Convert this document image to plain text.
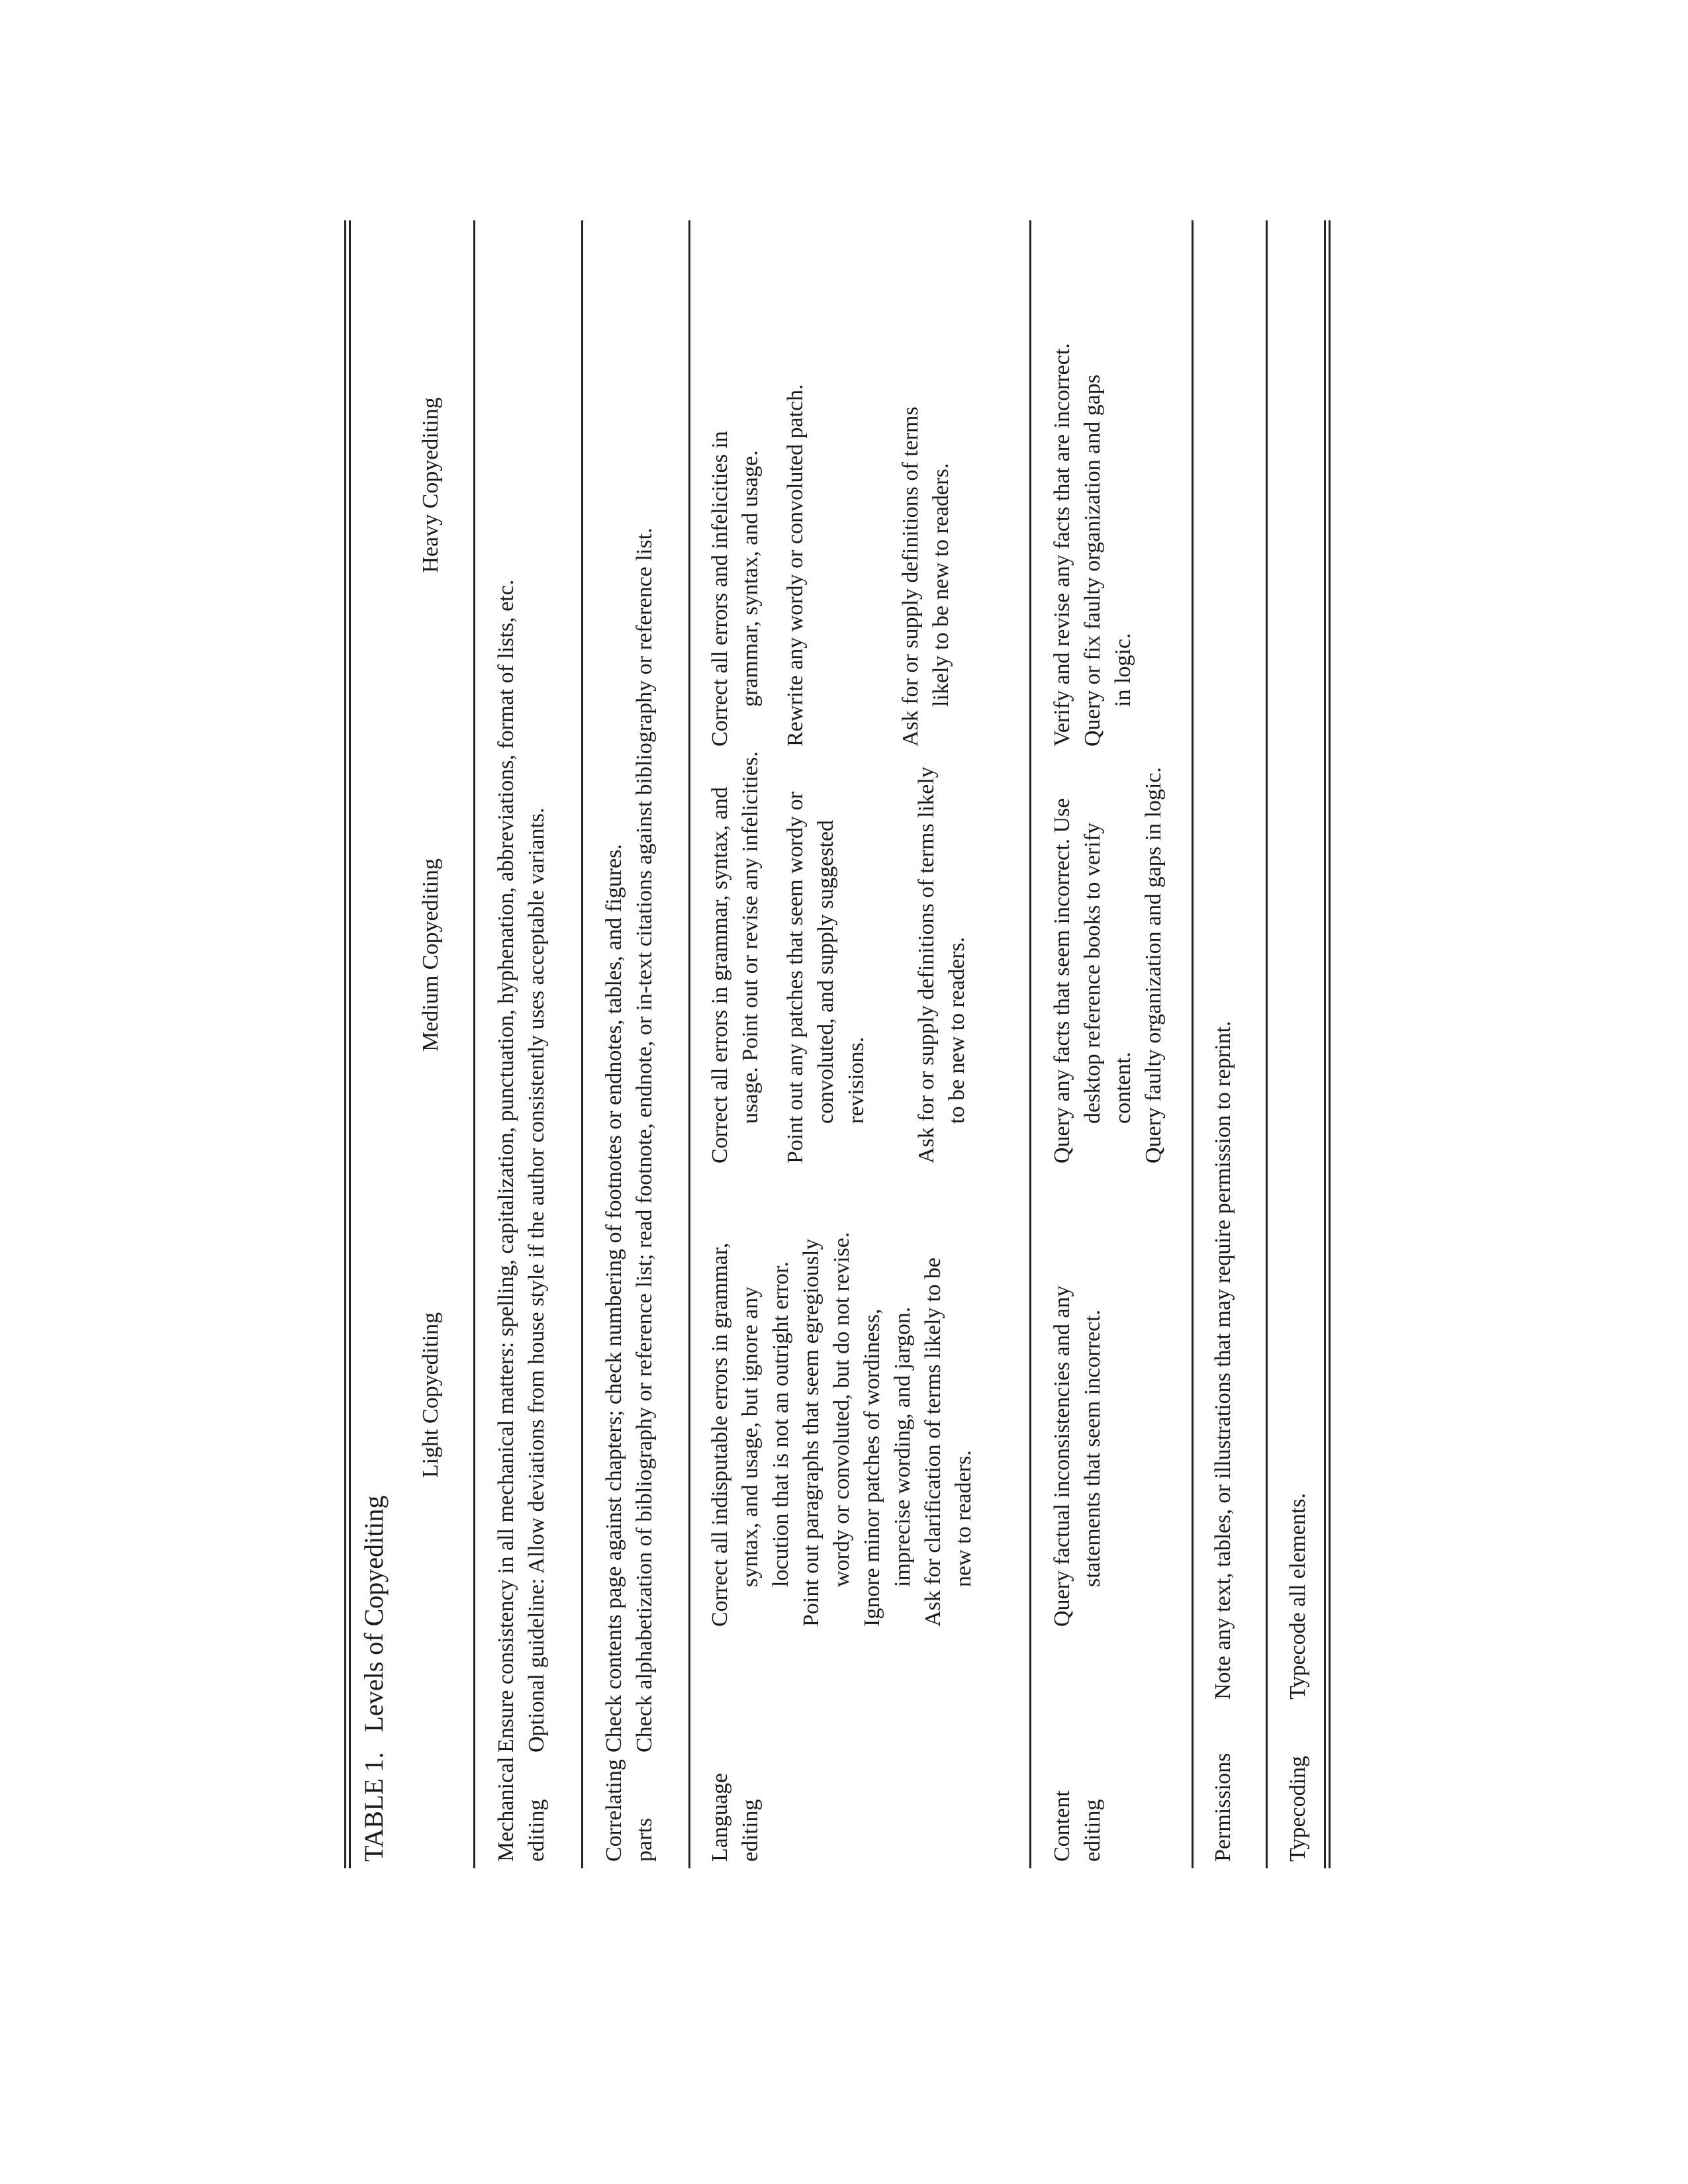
TABLE 1.   Levels of Copyediting
Light Copyediting
Medium Copyediting
Heavy Copyediting
Mechanical editing
Ensure consistency in all mechanical matters: spelling, capitalization, punctuation, hyphenation, abbreviations, format of lists, etc. Optional guideline: Allow deviations from house style if the author consistently uses acceptable variants.
Correlating parts
Check contents page against chapters; check numbering of footnotes or endnotes, tables, and figures. Check alphabetization of bibliography or reference list; read footnote, endnote, or in-text citations against bibliography or reference list.
Language editing
Correct all indisputable errors in grammar, syntax, and usage, but ignore any locution that is not an outright error. Point out paragraphs that seem egregiously wordy or convoluted, but do not revise. Ignore minor patches of wordiness, imprecise wording, and jargon. Ask for clarification of terms likely to be new to readers.
Correct all errors in grammar, syntax, and usage. Point out or revise any infelicities. Point out any patches that seem wordy or convoluted, and supply suggested revisions. Ask for or supply definitions of terms likely to be new to readers.
Correct all errors and infelicities in grammar, syntax, and usage. Rewrite any wordy or convoluted patch.	Ask for or supply definitions of terms likely to be new to readers.
Content editing
Query factual inconsistencies and any statements that seem incorrect.
Query any facts that seem incorrect. Use desktop reference books to verify content. Query faulty organization and gaps in logic.
Verify and revise any facts that are incorrect. Query or fix faulty organization and gaps in logic.
Permissions
Note any text, tables, or illustrations that may require permission to reprint.
Typecoding
Typecode all elements.
